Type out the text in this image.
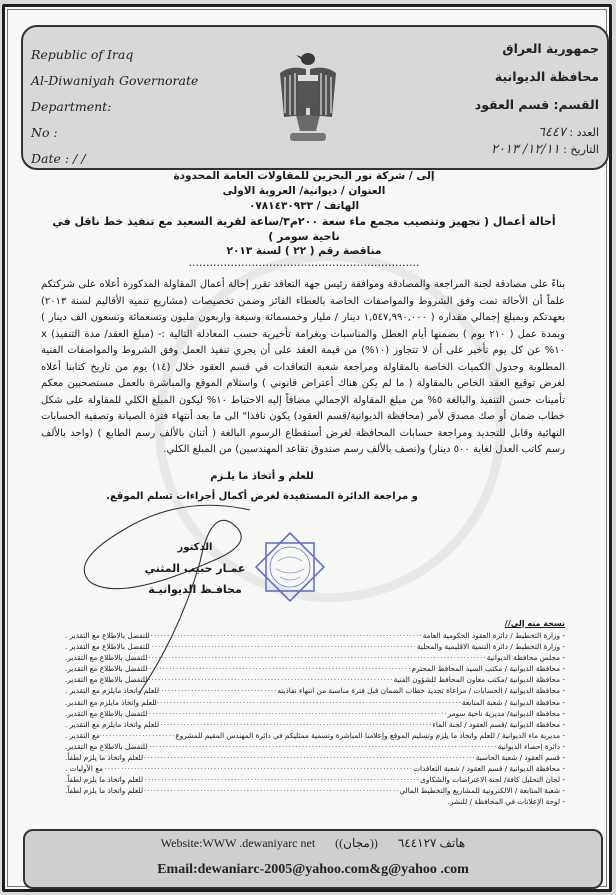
Republic of Iraq
Al-Diwaniyah Governorate
Department:
No :
Date : / /
جمهورية العراق
محافظة الديوانية
القسم: قسم العقود
العدد : ٦٤٤٧
التاريخ : ١٢/١١/ ٢٠١٣
إلى / شركة نور البحرين للمقاولات العامة المحدودة
العنوان / ديوانية/ العروبة الاولى
الهاتف / ٠٧٨١٤٣٠٩٣٣
أحالة أعمال ( تجهيز وتنصيب مجمع ماء سعة ٢٠٠م٣/ساعة لقرية السعيد مع تنفيذ خط ناقل في ناحية سومر )
مناقصة رقم ( ٢٢ ) لسنة ٢٠١٣
…………………………………………………………

بناءً على مصادقة لجنة المراجعة والمصادقة وموافقة رئيس جهة التعاقد تقرر إحالة أعمال المقاولة المذكورة أعلاه على شركتكم علماً أن الأحالة تمت وفق الشروط والمواصفات الخاصة بالعطاء الفائز وضمن تخصيصات (مشاريع تنمية الأقاليم لسنة ٢٠١٣) بعهدتكم وبمبلغ إجمالي مقداره ( ١,٥٤٧,٩٩٠,٠٠٠ دينار / مليار وخمسمائة وسبعة واربعون مليون وتسعمائة وتسعون الف دينار ) وبمدة عمل ( ٢١٠ يوم ) بضمنها أيام العطل والمناسبات وبغرامة تأخيرية حسب المعادلة التالية :- (مبلغ العقد/ مدة التنفيذ) x ١٠% عن كل يوم تأخير على أن لا تتجاوز (١٠%) من قيمة العقد على أن يجري تنفيذ العمل وفق الشروط والمواصفات الفنية المطلوبة وجدول الكميات الخاصة بالمقاولة ومراجعة شعبة التعاقدات في قسم العقود خلال (١٤) يوم من تاريخ كتابنا أعلاه لغرض توقيع العقد الخاص بالمقاولة ( ما لم يكن هناك أعتراض قانوني ) واستلام الموقع والمباشرة بالعمل مستصحبين معكم تأمينات حسن التنفيذ والبالغة ٥% من مبلغ المقاولة الإجمالي مضافاً إليه الاحتياط ١٠% ليكون المبلغ الكلي للمقاولة على شكل خطاب ضمان أو صك مصدق لأمر (محافظة الديوانية/قسم العقود) يكون نافذا" الى ما بعد أنتهاء فترة الصيانة وتصفية الحسابات النهائية وقابل للتجديد ومراجعة حسابات المحافظة لغرض أستقطاع الرسوم البالغة ( أثنان بالألف رسم الطابع ) (واحد بالألف رسم كاتب العدل لغاية ٥٠٠ دينار) و(نصف بالألف رسم صندوق تقاعد المهندسين) من المبلغ الكلي.

للعلم و أتخاذ ما يلـزم
و مراجعة الدائرة المستفيدة لغرض أكمال أجراءات تسلم الموقع.
الدكتور
عمـار حبيب المثني
محافـظ الديوانيـة
نسخة منه إلى//
- وزارة التخطيط / دائرة العقود الحكومية العامة
·····
للتفضل بالاطلاع مع التقدير .
- وزارة التخطيط / دائرة التنمية الاقليمية والمحلية
·····
للتفضل بالاطلاع مع التقدير .
- مجلس محافظة الديوانية
·····
للتفضل بالاطلاع مع التقدير.
- محافظة الديوانية / مكتب السيد المحافظ المحترم
·····
للتفضل بالاطلاع مع التقدير.
- محافظة الديوانية /مكتب معاون المحافظ للشؤون الفنية
·····
للتفضل بالاطلاع مع التقدير.
- محافظة الديوانية / الحسابات / مراعاة تجديد خطاب الضمان قبل فترة مناسبة من انتهاء نفاذيته
·····
للعلم واتخاذ مايلزم مع التقدير .
- محافظة الديوانية / شعبة المتابعة
·····
للعلم واتخاذ مايلزم مع التقدير.
- محافظة الديوانية/ مديرية ناحية سومر
·····
للتفضل بالاطلاع مع التقدير.
- محافظة الديوانية /قسم العقود / لجنة الماء
·····
للعلم واتخاذ مايلزم مع التقدير .
- مديرية ماء الديوانية / للعلم واتخاذ ما يلزم وتسليم الموقع وإعلامنا المباشرة وتسمية ممثليكم في دائرة المهندس المقيم للمشروع
·····
مع التقدير .
- دائرة إحصاء الديوانية
·····
للتفضل بالاطلاع مع التقدير.
- قسم العقود / شعبة الحاسبة
·····
للعلم واتخاذ ما يلزم لطفاً.
- محافظة الديوانية / قسم العقود / شعبة التعاقدات
·····
مع الأوليات .
- لجان التحليل كافة/ لجنة الاعتراضات والشكاوى
·····
للعلم واتخاذ ما يلزم لطفاً.
- شعبة المتابعة / الالكترونية للمشاريع والتخطيط المالي
·····
للعلم واتخاذ ما يلزم لطفاً.
- لوحة الإعلانات في المحافظة / للنشر.
Website:WWW .dewaniyarc net ((مجان)) هاتف ٦٤٤١٢٧
Email:dewaniarc-2005@yahoo.com&g@yahoo .com
